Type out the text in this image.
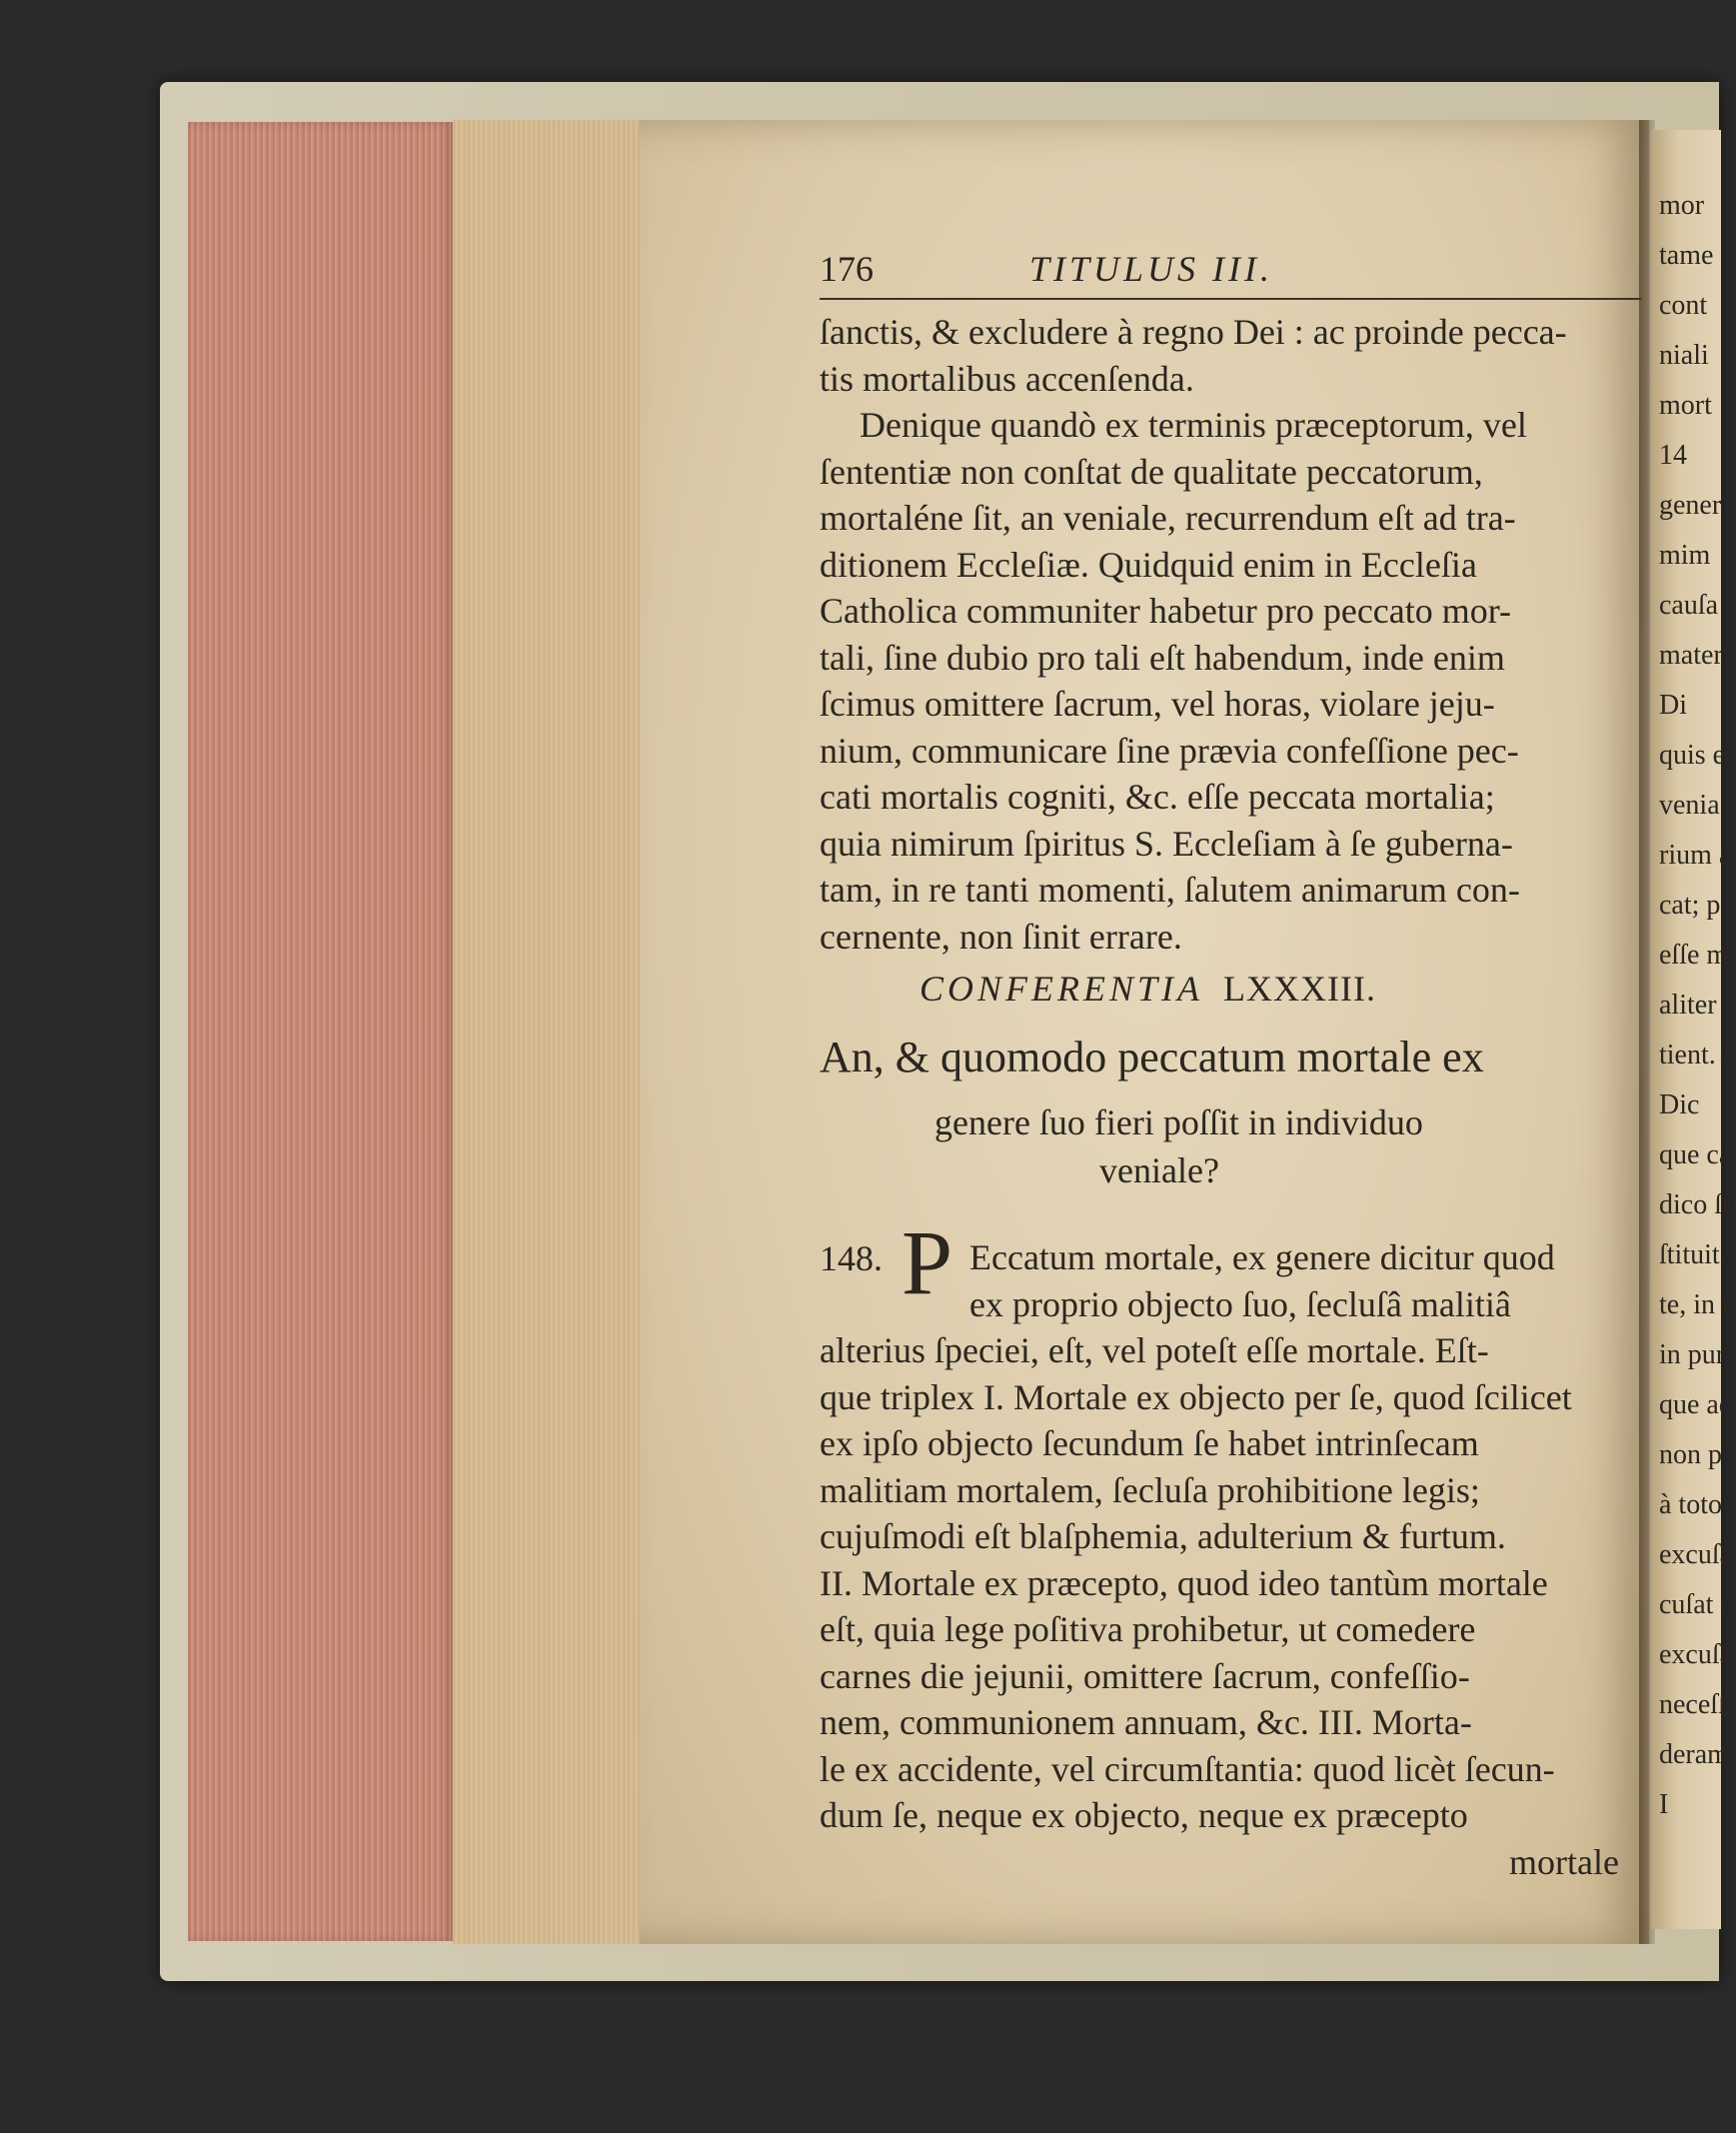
176	TITULUS III.
ſanctis, & excludere à regno Dei : ac proinde pecca-
tis mortalibus accenſenda.
Denique quandò ex terminis præceptorum, vel
ſententiæ non conſtat de qualitate peccatorum,
mortaléne ſit, an veniale, recurrendum eſt ad tra-
ditionem Eccleſiæ. Quidquid enim in Eccleſia
Catholica communiter habetur pro peccato mor-
tali, ſine dubio pro tali eſt habendum, inde enim
ſcimus omittere ſacrum, vel horas, violare jeju-
nium, communicare ſine prævia confeſſione pec-
cati mortalis cogniti, &c. eſſe peccata mortalia;
quia nimirum ſpiritus S. Eccleſiam à ſe guberna-
tam, in re tanti momenti, ſalutem animarum con-
cernente, non ſinit errare.
CONFERENTIA LXXXIII.
An, & quomodo peccatum mortale ex
genere ſuo fieri poſſit in individuo
veniale?
148. P Eccatum mortale, ex genere dicitur quod
ex proprio objecto ſuo, ſecluſâ malitiâ
alterius ſpeciei, eſt, vel poteſt eſſe mortale. Eſt-
que triplex I. Mortale ex objecto per ſe, quod ſcilicet
ex ipſo objecto ſecundum ſe habet intrinſecam
malitiam mortalem, ſecluſa prohibitione legis;
cujuſmodi eſt blaſphemia, adulterium & furtum.
II. Mortale ex præcepto, quod ideo tantùm mortale
eſt, quia lege poſitiva prohibetur, ut comedere
carnes die jejunii, omittere ſacrum, confeſſio-
nem, communionem annuam, &c. III. Morta-
le ex accidente, vel circumſtantia: quod licèt ſecun-
dum ſe, neque ex objecto, neque ex præcepto
mortale
mor
tame
cont
niali
mort
14
gener
mim
cauſa
mater
Di
quis e
venia
rium a
cat; p
eſſe m
aliter
tient. e
Dic
que ca
dico ſu
ſtituit.
te, in r
in pur
que ad
non p
à toto
excuſa
cuſat o
excuſa
neceſſi
deram
I
